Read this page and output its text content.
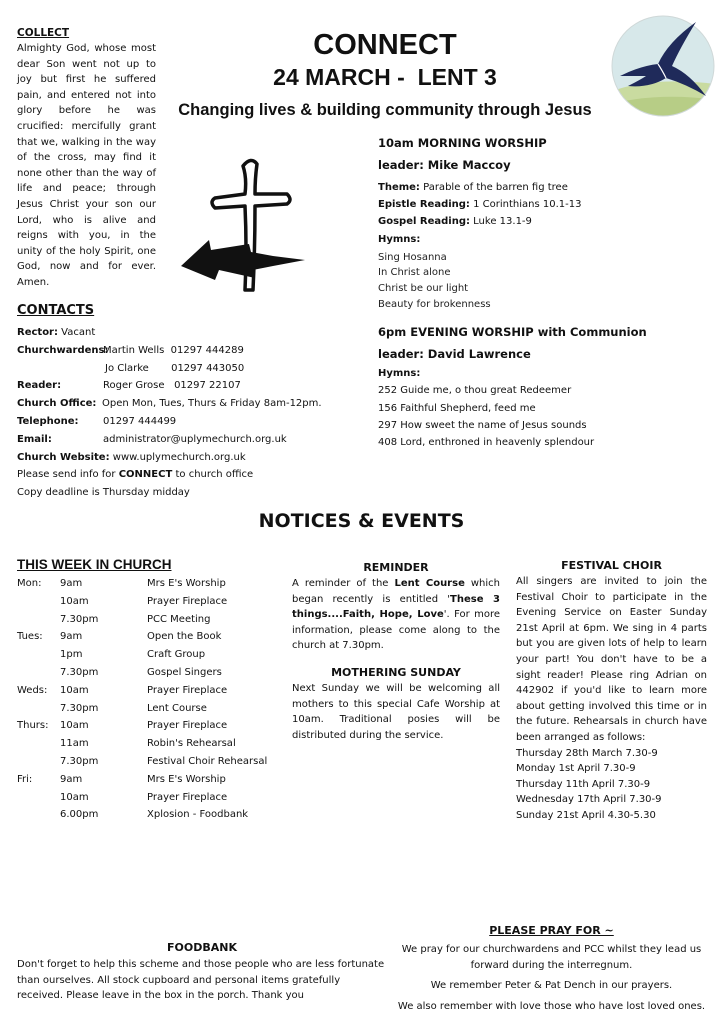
COLLECT

Almighty God, whose most dear Son went not up to joy but first he suffered pain, and entered not into glory before he was crucified: mercifully grant that we, walking in the way of the cross, may find it none other than the way of life and peace; through Jesus Christ your son our Lord, who is alive and reigns with you, in the unity of the holy Spirit, one God, now and for ever. Amen.

CONNECT
24 MARCH -  LENT 3
Changing lives & building community through Jesus
10am MORNING WORSHIP
leader: Mike Maccoy
Theme: Parable of the barren fig tree
Epistle Reading: 1 Corinthians 10.1-13
Gospel Reading: Luke 13.1-9
Hymns:
Sing Hosanna
In Christ alone
Christ be our light
Beauty for brokenness
6pm EVENING WORSHIP with Communion
leader: David Lawrence
Hymns:
252 Guide me, o thou great Redeemer
156 Faithful Shepherd, feed me
297 How sweet the name of Jesus sounds
408 Lord, enthroned in heavenly splendour
CONTACTS
Rector: Vacant
Churchwardens:Martin Wells  01297 444289
Jo Clarke       01297 443050
Reader:	Roger Grose   01297 22107
Church Office: Open Mon, Tues, Thurs & Friday 8am-12pm.
Telephone: 01297 444499
Email:	administrator@uplymechurch.org.uk
Church Website: www.uplymechurch.org.uk
Please send info for CONNECT to church office
Copy deadline is Thursday midday
NOTICES & EVENTS
THIS WEEK IN CHURCH
Mon: 9am	Mrs E's Worship
10am	Prayer Fireplace
7.30pm	PCC Meeting
Tues: 9am	Open the Book
1pm	Craft Group
7.30pm	Gospel Singers
Weds: 10am	Prayer Fireplace
7.30pm	Lent Course
Thurs: 10am	Prayer Fireplace
11am	Robin's Rehearsal
7.30pm	Festival Choir Rehearsal
Fri:	9am	Mrs E's Worship
10am	Prayer Fireplace
6.00pm	Xplosion - Foodbank
REMINDER
A reminder of the Lent Course which began recently is entitled 'These 3 things....Faith, Hope, Love'. For more information, please come along to the church at 7.30pm.
MOTHERING SUNDAY
Next Sunday we will be welcoming all mothers to this special Cafe Worship at 10am. Traditional posies will be distributed during the service.
FESTIVAL CHOIR
All singers are invited to join the Festival Choir to participate in the Evening Service on Easter Sunday 21st April at 6pm. We sing in 4 parts but you are given lots of help to learn your part! You don't have to be a sight reader! Please ring Adrian on 442902 if you'd like to learn more about getting involved this time or in the future. Rehearsals in church have been arranged as follows:
Thursday 28th March 7.30-9
Monday 1st April 7.30-9
Thursday 11th April 7.30-9
Wednesday 17th April 7.30-9
Sunday 21st April 4.30-5.30
FOODBANK
Don't forget to help this scheme and those people who are less fortunate than ourselves. All stock cupboard and personal items gratefully received. Please leave in the box in the porch. Thank you
PLEASE PRAY FOR ~
We pray for our churchwardens and PCC whilst they lead us forward during the interregnum.
We remember Peter & Pat Dench in our prayers.
We also remember with love those who have lost loved ones.
